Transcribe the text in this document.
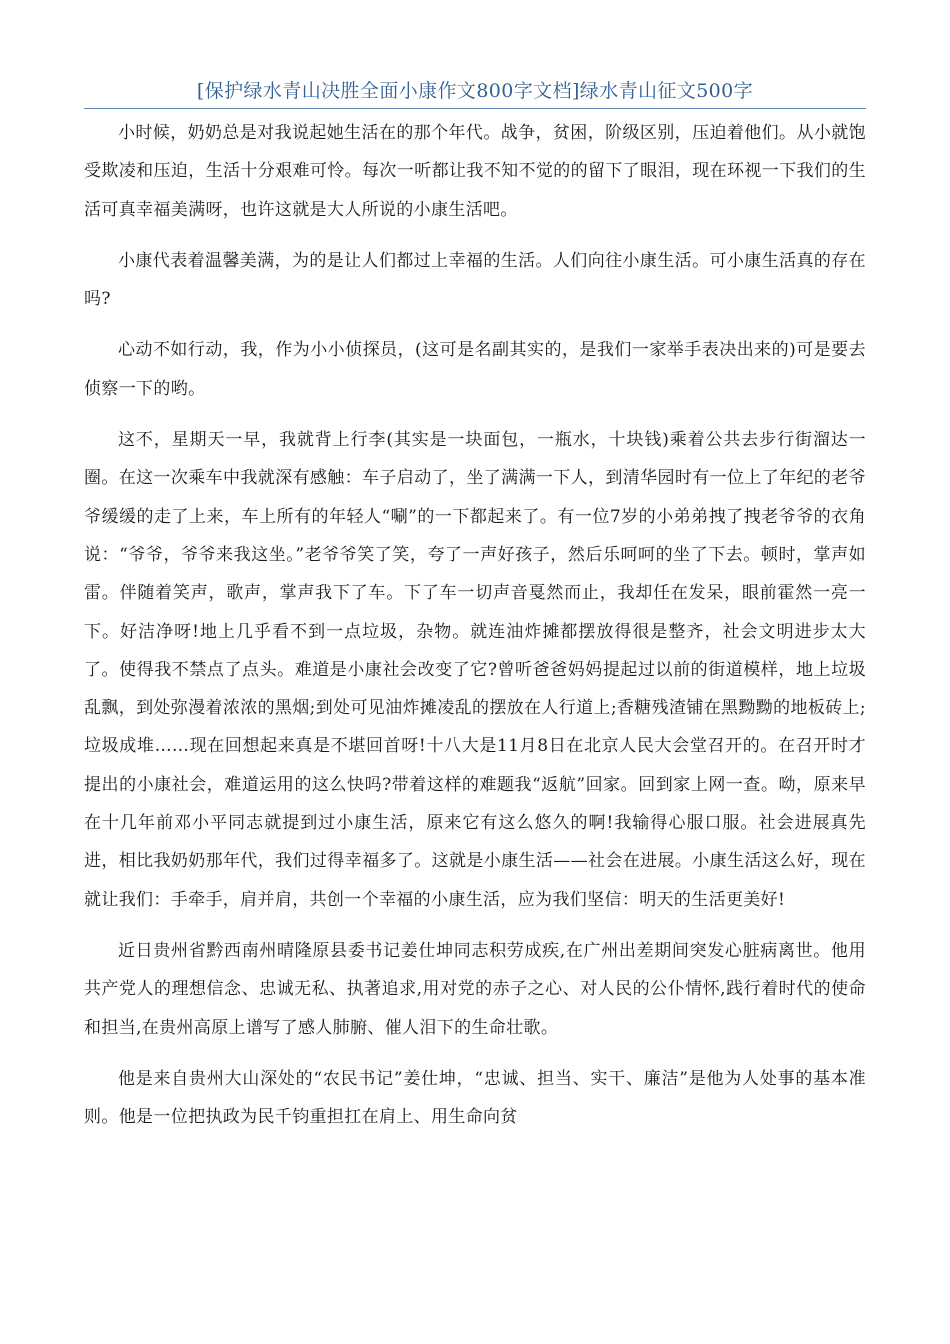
[保护绿水青山决胜全面小康作文800字文档]绿水青山征文500字

小时候，奶奶总是对我说起她生活在的那个年代。战争，贫困，阶级区别，压迫着他们。从小就饱受欺凌和压迫，生活十分艰难可怜。每次一听都让我不知不觉的的留下了眼泪，现在环视一下我们的生活可真幸福美满呀，也许这就是大人所说的小康生活吧。

小康代表着温馨美满，为的是让人们都过上幸福的生活。人们向往小康生活。可小康生活真的存在吗?

心动不如行动，我，作为小小侦探员，(这可是名副其实的，是我们一家举手表决出来的)可是要去侦察一下的哟。

这不，星期天一早，我就背上行李(其实是一块面包，一瓶水，十块钱)乘着公共去步行街溜达一圈。在这一次乘车中我就深有感触：车子启动了，坐了满满一下人，到清华园时有一位上了年纪的老爷爷缓缓的走了上来，车上所有的年轻人“唰”的一下都起来了。有一位7岁的小弟弟拽了拽老爷爷的衣角说：“爷爷，爷爷来我这坐。”老爷爷笑了笑，夸了一声好孩子，然后乐呵呵的坐了下去。顿时，掌声如雷。伴随着笑声，歌声，掌声我下了车。下了车一切声音戛然而止，我却任在发呆，眼前霍然一亮一下。好洁净呀!地上几乎看不到一点垃圾，杂物。就连油炸摊都摆放得很是整齐，社会文明进步太大了。使得我不禁点了点头。难道是小康社会改变了它?曾听爸爸妈妈提起过以前的街道模样，地上垃圾乱飘，到处弥漫着浓浓的黑烟;到处可见油炸摊凌乱的摆放在人行道上;香糖残渣铺在黑黝黝的地板砖上;垃圾成堆……现在回想起来真是不堪回首呀!十八大是11月8日在北京人民大会堂召开的。在召开时才提出的小康社会，难道运用的这么快吗?带着这样的难题我“返航”回家。回到家上网一查。呦，原来早在十几年前邓小平同志就提到过小康生活，原来它有这么悠久的啊!我输得心服口服。社会进展真先进，相比我奶奶那年代，我们过得幸福多了。这就是小康生活——社会在进展。小康生活这么好，现在就让我们：手牵手，肩并肩，共创一个幸福的小康生活，应为我们坚信：明天的生活更美好!

近日贵州省黔西南州晴隆原县委书记姜仕坤同志积劳成疾,在广州出差期间突发心脏病离世。他用共产党人的理想信念、忠诚无私、执著追求,用对党的赤子之心、对人民的公仆情怀,践行着时代的使命和担当,在贵州高原上谱写了感人肺腑、催人泪下的生命壮歌。

他是来自贵州大山深处的“农民书记”姜仕坤，“忠诚、担当、实干、廉洁”是他为人处事的基本准则。他是一位把执政为民千钧重担扛在肩上、用生命向贫
